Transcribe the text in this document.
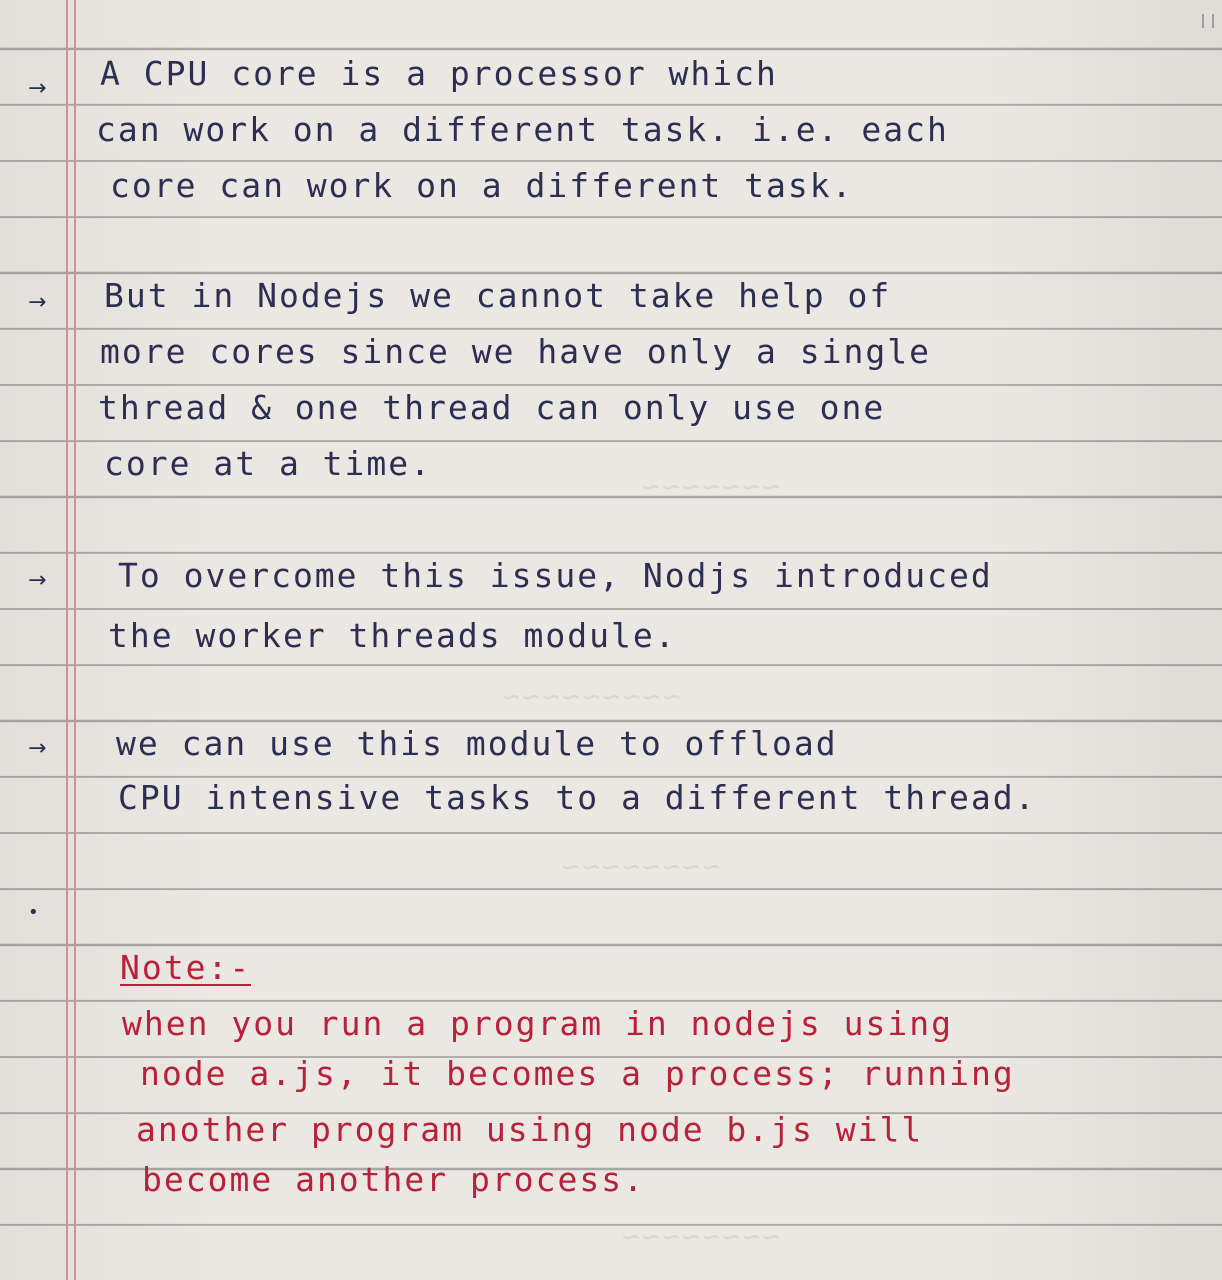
~~~~~~~
~~~~~~~~~
~~~~~~~~
~~~~~~~~
→	A CPU core is a processor which

can work on a different task. i.e. each

core can work on a different task.

→	But in Nodejs we cannot take help of

more cores since we have only a single

thread & one thread can only use one

core at a time.

→	To overcome this issue, Nodjs introduced

the worker threads module.

→	we can use this module to offload

CPU intensive tasks to a different thread.

•
Note:-

when you run a program in nodejs using

node a.js, it becomes a process; running

another program using node b.js will

become another process.
